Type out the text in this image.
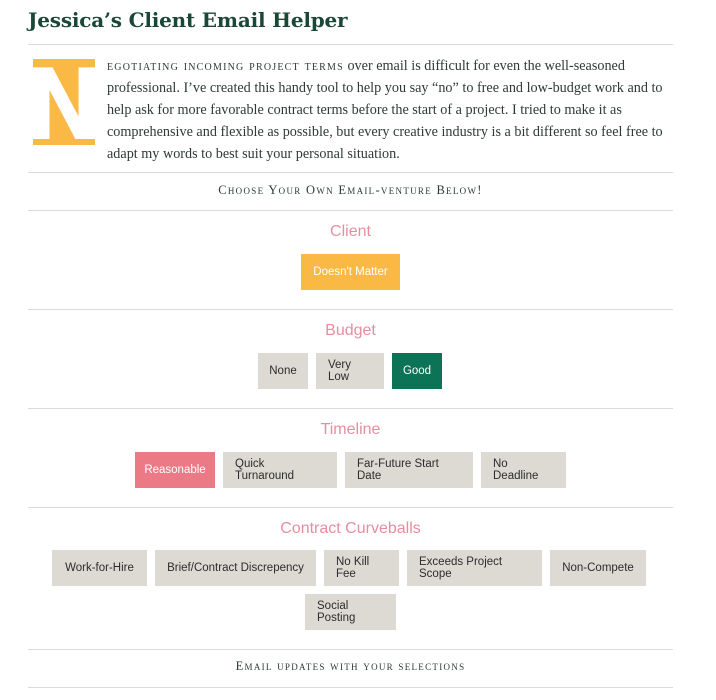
Jessica’s Client Email Helper
N egotiating incoming project terms over email is difficult for even the well-seasoned professional. I’ve created this handy tool to help you say “no” to free and low-budget work and to help ask for more favorable contract terms before the start of a project. I tried to make it as comprehensive and flexible as possible, but every creative industry is a bit different so feel free to adapt my words to best suit your personal situation.
Choose Your Own Email-venture Below!
Client
Doesn't Matter
Budget
None	Very Low	Good
Timeline
Reasonable	Quick Turnaround
Far-Future Start Date
No Deadline
Contract Curveballs
Work-for-Hire	Brief/Contract Discrepency	No Kill Fee
Exceeds Project Scope	Non-Compete
Social Posting
Email updates with your selections
